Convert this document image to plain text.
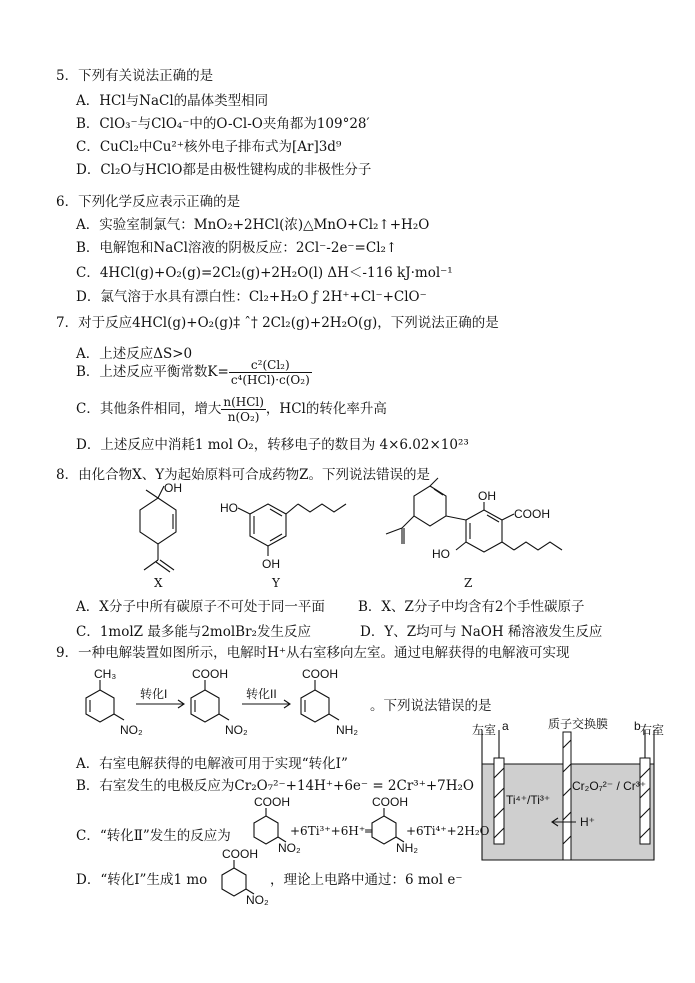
5．下列有关说法正确的是
A．HCl与NaCl的晶体类型相同
B．ClO₃⁻与ClO₄⁻中的O-Cl-O夹角都为109°28′
C．CuCl₂中Cu²⁺核外电子排布式为[Ar]3d⁹
D．Cl₂O与HClO都是由极性键构成的非极性分子
6．下列化学反应表示正确的是
A．实验室制氯气：MnO₂+2HCl(浓)△MnO+Cl₂↑+H₂O
B．电解饱和NaCl溶液的阴极反应：2Cl⁻-2e⁻=Cl₂↑
C．4HCl(g)+O₂(g)=2Cl₂(g)+2H₂O(l) ΔH＜-116 kJ·mol⁻¹
D．氯气溶于水具有漂白性：Cl₂+H₂O ƒ 2H⁺+Cl⁻+ClO⁻
7．对于反应4HCl(g)+O₂(g)‡ ˆ† 2Cl₂(g)+2H₂O(g)，下列说法正确的是
A．上述反应ΔS>0
B．上述反应平衡常数$K= \frac{\text{c²(Cl₂)}}{\text{c⁴(HCl)·c(O₂)}}$
C．其他条件相同，增大 $\frac{\text{n(HCl)}}{\text{n(O₂)}}$ ，HCl的转化率升高
D．上述反应中消耗1 mol O₂，转移电子的数目为 4×6.02×10²³
8．由化合物X、Y为起始原料可合成药物Z。下列说法错误的是
OH
X
HO
OH
Y
OH
COOH
HO
Z
A．X分子中所有碳原子不可处于同一平面 B．X、Z分子中均含有2个手性碳原子
C．1molZ 最多能与2molBr₂发生反应	D．Y、Z均可与 NaOH 稀溶液发生反应
9．一种电解装置如图所示，电解时H⁺从右室移向左室。通过电解获得的电解液可实现
CH₃
NO₂
转化I
COOH
NO₂
转化II
COOH
NH₂
。下列说法错误的是
左室 a	质子交换膜 b 右室
Ti⁴⁺/Ti³⁺
Cr₂O₇²⁻ / Cr³⁺
H⁺
A．右室电解获得的电解液可用于实现“转化Ⅰ”
B．右室发生的电极反应为Cr₂O₇²⁻+14H⁺+6e⁻ = 2Cr³⁺+7H₂O
C．“转化Ⅱ”发生的反应为
COOH
NO₂
+6Ti³⁺+6H⁺═
COOH
NH₂
+6Ti⁴⁺+2H₂O
D．“转化Ⅰ”生成1 mo
COOH
NO₂
，理论上电路中通过：6 mol e⁻
